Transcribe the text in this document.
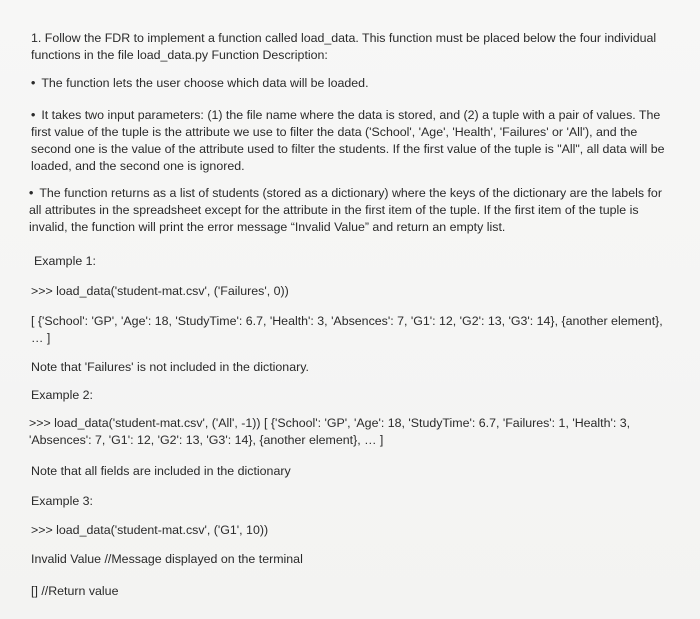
1. Follow the FDR to implement a function called load_data. This function must be placed below the four individual functions in the file load_data.py Function Description:

• The function lets the user choose which data will be loaded.

• It takes two input parameters: (1) the file name where the data is stored, and (2) a tuple with a pair of values. The first value of the tuple is the attribute we use to filter the data ('School', 'Age', 'Health', 'Failures' or 'All'), and the second one is the value of the attribute used to filter the students. If the first value of the tuple is "All", all data will be loaded, and the second one is ignored.

• The function returns as a list of students (stored as a dictionary) where the keys of the dictionary are the labels for all attributes in the spreadsheet except for the attribute in the first item of the tuple. If the first item of the tuple is invalid, the function will print the error message “Invalid Value” and return an empty list.

Example 1:

>>> load_data('student-mat.csv', ('Failures', 0))

[ {'School': 'GP', 'Age': 18, 'StudyTime': 6.7, 'Health': 3, 'Absences': 7, 'G1': 12, 'G2': 13, 'G3': 14}, {another element}, … ]

Note that 'Failures' is not included in the dictionary.

Example 2:

>>> load_data('student-mat.csv', ('All', -1)) [ {'School': 'GP', 'Age': 18, 'StudyTime': 6.7, 'Failures': 1, 'Health': 3, 'Absences': 7, 'G1': 12, 'G2': 13, 'G3': 14}, {another element}, … ]

Note that all fields are included in the dictionary

Example 3:

>>> load_data('student-mat.csv', ('G1', 10))

Invalid Value //Message displayed on the terminal

[] //Return value
